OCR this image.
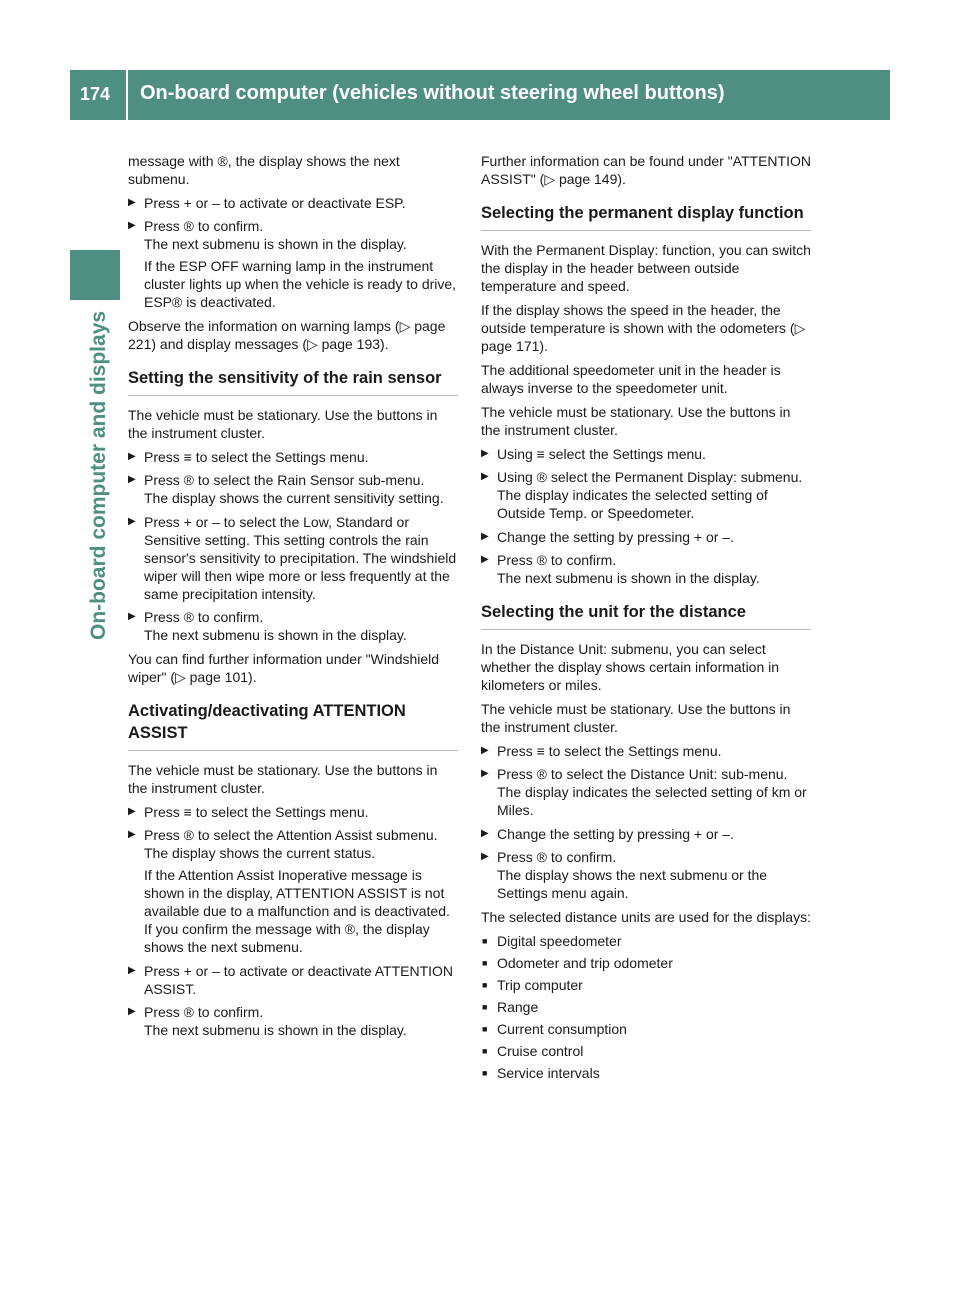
174 On-board computer (vehicles without steering wheel buttons)
On-board computer and displays

message with ®, the display shows the next submenu.

▶ Press + or – to activate or deactivate ESP.

▶ Press ® to confirm.

The next submenu is shown in the display.

If the ESP OFF warning lamp in the instrument cluster lights up when the vehicle is ready to drive, ESP® is deactivated.

Observe the information on warning lamps (▷ page 221) and display messages (▷ page 193).

Setting the sensitivity of the rain sensor

The vehicle must be stationary. Use the buttons in the instrument cluster.

▶ Press ≡ to select the Settings menu.

▶ Press ® to select the Rain Sensor sub-menu.

The display shows the current sensitivity setting.

▶ Press + or – to select the Low, Standard or Sensitive setting. This setting controls the rain sensor's sensitivity to precipitation. The windshield wiper will then wipe more or less frequently at the same precipitation intensity.

▶ Press ® to confirm.

The next submenu is shown in the display.

You can find further information under "Windshield wiper" (▷ page 101).

Activating/deactivating ATTENTION ASSIST

The vehicle must be stationary. Use the buttons in the instrument cluster.

▶ Press ≡ to select the Settings menu.

▶ Press ® to select the Attention Assist submenu.

The display shows the current status.

If the Attention Assist Inoperative message is shown in the display, ATTENTION ASSIST is not available due to a malfunction and is deactivated. If you confirm the message with ®, the display shows the next submenu.

▶ Press + or – to activate or deactivate ATTENTION ASSIST.

▶ Press ® to confirm.

The next submenu is shown in the display.

Further information can be found under "ATTENTION ASSIST" (▷ page 149).

Selecting the permanent display function

With the Permanent Display: function, you can switch the display in the header between outside temperature and speed.

If the display shows the speed in the header, the outside temperature is shown with the odometers (▷ page 171).

The additional speedometer unit in the header is always inverse to the speedometer unit.

The vehicle must be stationary. Use the buttons in the instrument cluster.

▶ Using ≡ select the Settings menu.

▶ Using ® select the Permanent Display: submenu.

The display indicates the selected setting of Outside Temp. or Speedometer.

▶ Change the setting by pressing + or –.

▶ Press ® to confirm.

The next submenu is shown in the display.

Selecting the unit for the distance

In the Distance Unit: submenu, you can select whether the display shows certain information in kilometers or miles.

The vehicle must be stationary. Use the buttons in the instrument cluster.

▶ Press ≡ to select the Settings menu.

▶ Press ® to select the Distance Unit: sub-menu.

The display indicates the selected setting of km or Miles.

▶ Change the setting by pressing + or –.

▶ Press ® to confirm.

The display shows the next submenu or the Settings menu again.

The selected distance units are used for the displays:

■ Digital speedometer

■ Odometer and trip odometer

■ Trip computer

■ Range

■ Current consumption

■ Cruise control

■ Service intervals
